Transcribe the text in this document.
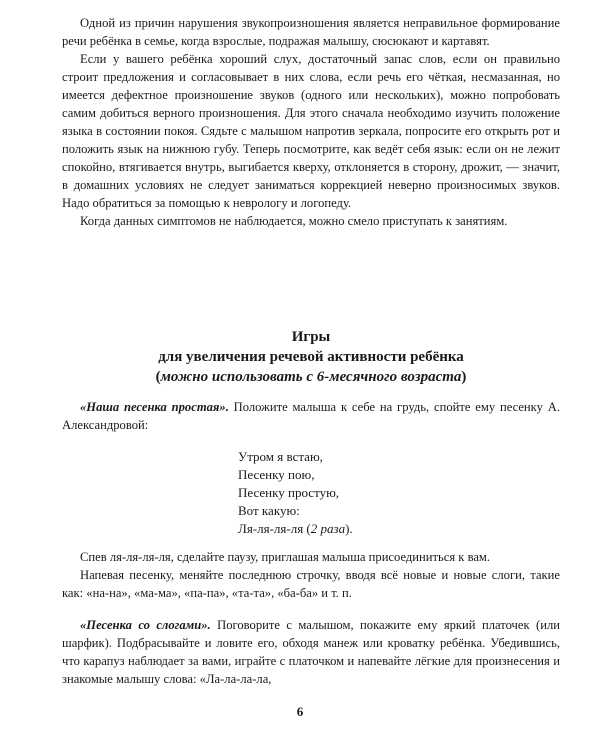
Одной из причин нарушения звукопроизношения является неправильное формирование речи ребёнка в семье, когда взрослые, подражая малышу, сюсюкают и картавят.

Если у вашего ребёнка хороший слух, достаточный запас слов, если он правильно строит предложения и согласовывает в них слова, если речь его чёткая, несмазанная, но имеется дефектное произношение звуков (одного или нескольких), можно попробовать самим добиться верного произношения. Для этого сначала необходимо изучить положение языка в состоянии покоя. Сядьте с малышом напротив зеркала, попросите его открыть рот и положить язык на нижнюю губу. Теперь посмотрите, как ведёт себя язык: если он не лежит спокойно, втягивается внутрь, выгибается кверху, отклоняется в сторону, дрожит, — значит, в домашних условиях не следует заниматься коррекцией неверно произносимых звуков. Надо обратиться за помощью к неврологу и логопеду.

Когда данных симптомов не наблюдается, можно смело приступать к занятиям.

Игры
для увеличения речевой активности ребёнка
(можно использовать с 6-месячного возраста)

«Наша песенка простая». Положите малыша к себе на грудь, спойте ему песенку А. Александровой:

Утром я встаю,
Песенку пою,
Песенку простую,
Вот какую:
Ля-ля-ля-ля (2 раза).

Спев ля-ля-ля-ля, сделайте паузу, приглашая малыша присоединиться к вам.

Напевая песенку, меняйте последнюю строчку, вводя всё новые и новые слоги, такие как: «на-на», «ма-ма», «па-па», «та-та», «ба-ба» и т. п.

«Песенка со слогами». Поговорите с малышом, покажите ему яркий платочек (или шарфик). Подбрасывайте и ловите его, обходя манеж или кроватку ребёнка. Убедившись, что карапуз наблюдает за вами, играйте с платочком и напевайте лёгкие для произнесения и знакомые малышу слова: «Ла-ла-ла-ла,

6
